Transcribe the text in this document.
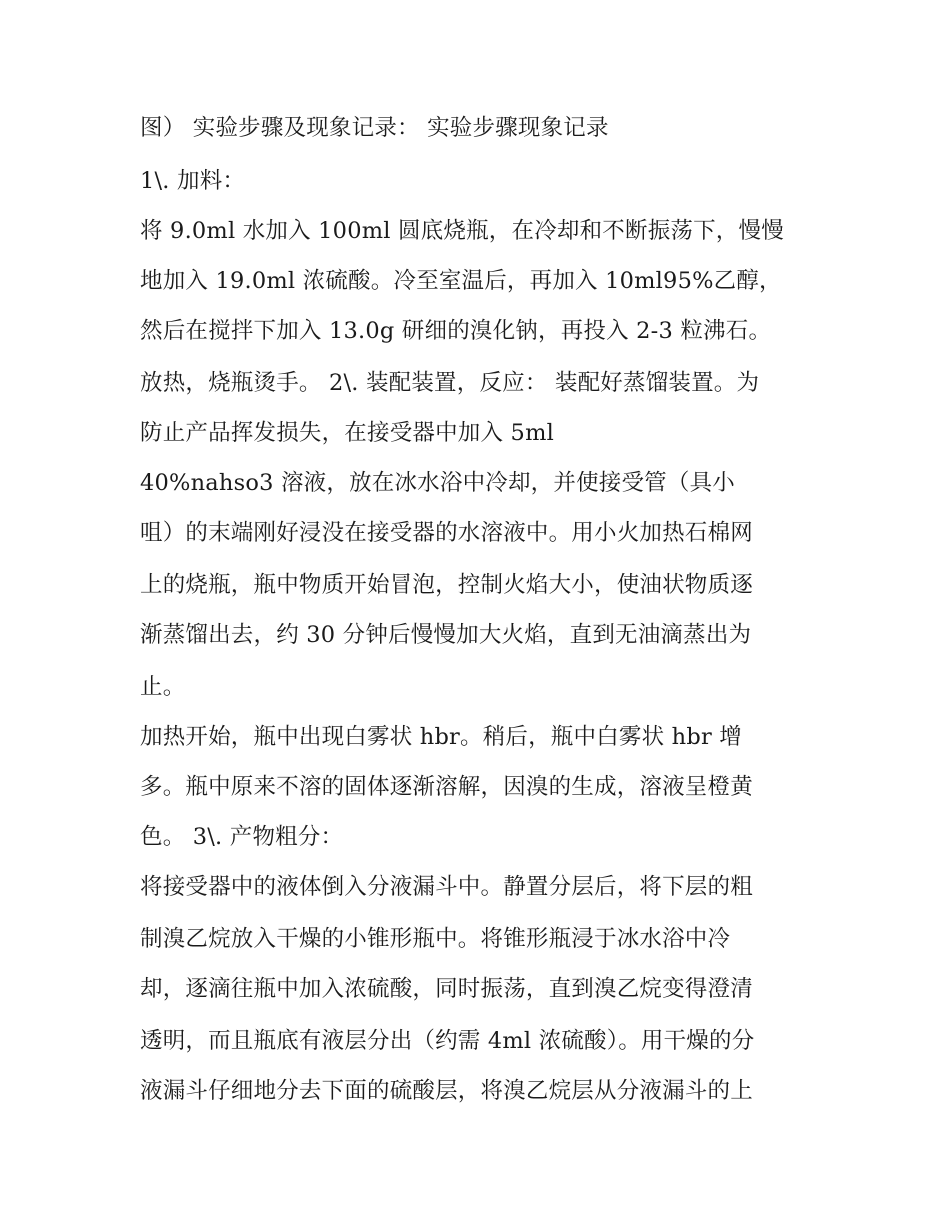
图） 实验步骤及现象记录： 实验步骤现象记录
1\. 加料：
将 9.0ml 水加入 100ml 圆底烧瓶，在冷却和不断振荡下，慢慢
地加入 19.0ml 浓硫酸。冷至室温后，再加入 10ml95%乙醇，
然后在搅拌下加入 13.0g 研细的溴化钠，再投入 2-3 粒沸石。
放热，烧瓶烫手。 2\. 装配装置，反应： 装配好蒸馏装置。为
防止产品挥发损失，在接受器中加入 5ml
40%nahso3 溶液，放在冰水浴中冷却，并使接受管（具小
咀）的末端刚好浸没在接受器的水溶液中。用小火加热石棉网
上的烧瓶，瓶中物质开始冒泡，控制火焰大小，使油状物质逐
渐蒸馏出去，约 30 分钟后慢慢加大火焰，直到无油滴蒸出为
止。
加热开始，瓶中出现白雾状 hbr。稍后，瓶中白雾状 hbr 增
多。瓶中原来不溶的固体逐渐溶解，因溴的生成，溶液呈橙黄
色。 3\. 产物粗分：
将接受器中的液体倒入分液漏斗中。静置分层后，将下层的粗
制溴乙烷放入干燥的小锥形瓶中。将锥形瓶浸于冰水浴中冷
却，逐滴往瓶中加入浓硫酸，同时振荡，直到溴乙烷变得澄清
透明，而且瓶底有液层分出（约需 4ml 浓硫酸）。用干燥的分
液漏斗仔细地分去下面的硫酸层，将溴乙烷层从分液漏斗的上
